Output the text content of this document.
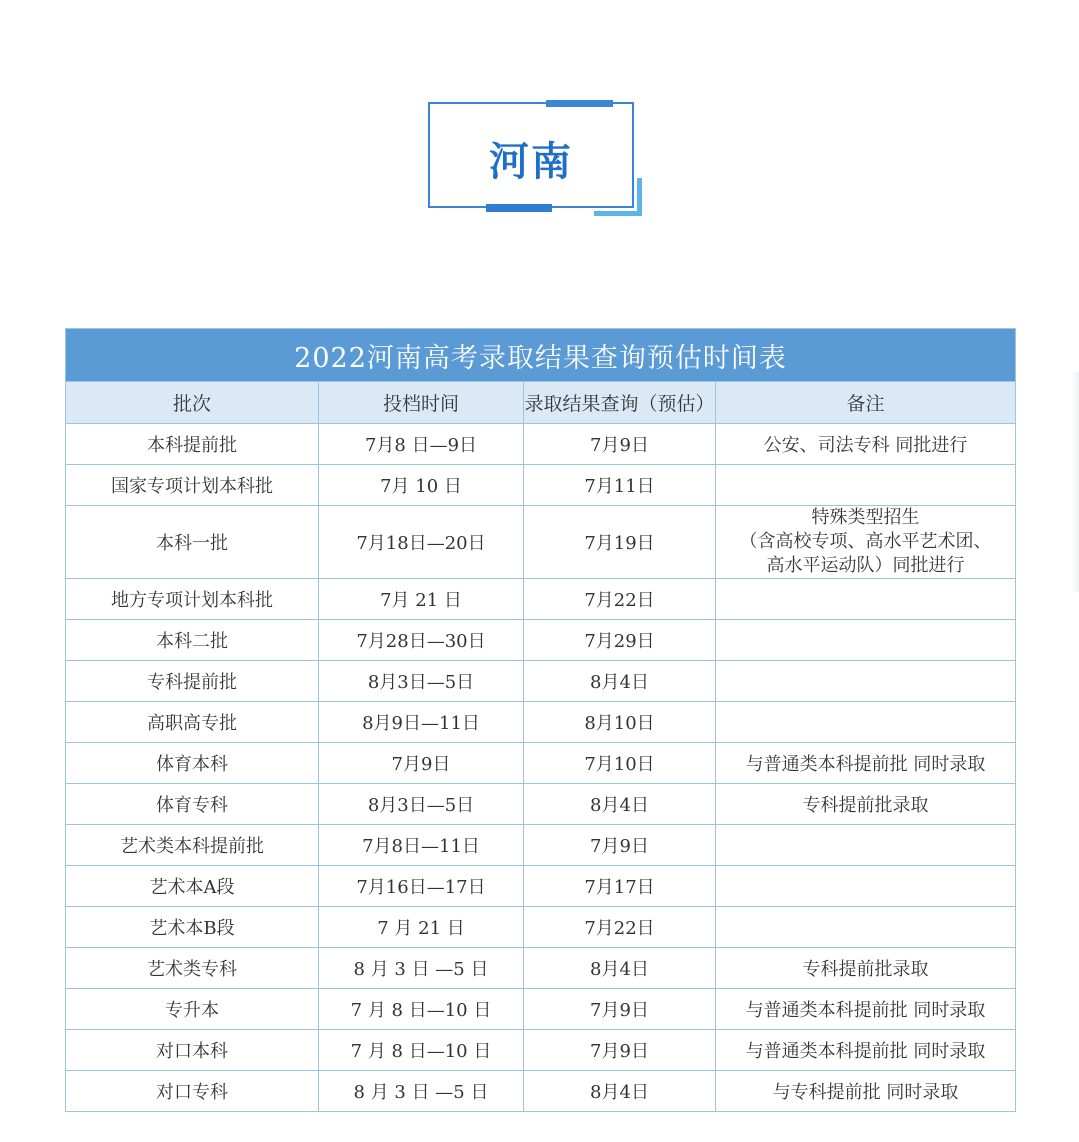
河南
2022河南高考录取结果查询预估时间表			
批次	投档时间	录取结果查询（预估）	备注
本科提前批	7月8 日—9日	7月9日	公安、司法专科 同批进行
国家专项计划本科批	7月 10 日	7月11日	
本科一批	7月18日—20日	7月19日	特殊类型招生
（含高校专项、高水平艺术团、
高水平运动队）同批进行

地方专项计划本科批	7月 21 日	7月22日	
本科二批	7月28日—30日	7月29日	
专科提前批	8月3日—5日	8月4日	
高职高专批	8月9日—11日	8月10日	
体育本科	7月9日	7月10日	与普通类本科提前批 同时录取
体育专科	8月3日—5日	8月4日	专科提前批录取
艺术类本科提前批	7月8日—11日	7月9日	
艺术本A段	7月16日—17日	7月17日	
艺术本B段	7 月 21 日	7月22日	
艺术类专科	8 月 3 日 —5 日	8月4日	专科提前批录取
专升本	7 月 8 日—10 日	7月9日	与普通类本科提前批 同时录取
对口本科	7 月 8 日—10 日	7月9日	与普通类本科提前批 同时录取
对口专科	8 月 3 日 —5 日	8月4日	与专科提前批 同时录取
